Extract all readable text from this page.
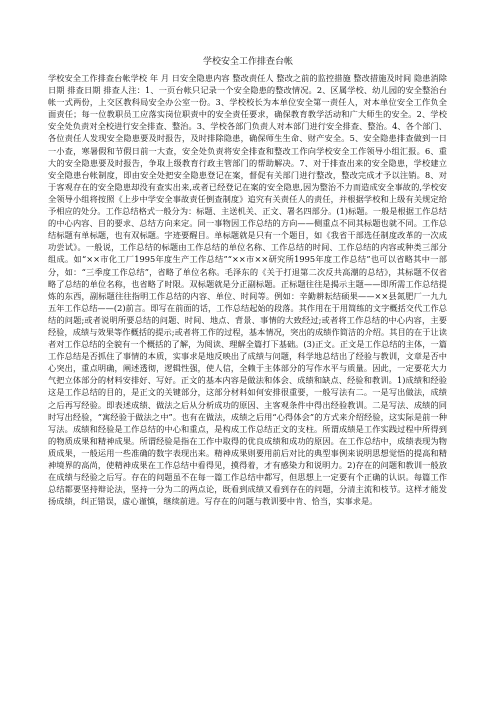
学校安全工作排查台帐

学校安全工作排查台帐学校 年 月 日安全隐患内容 整改责任人 整改之前的监控措施 整改措施及时间 隐患消除日期 排查日期 排查人注：1、一页台帐只记录一个安全隐患的整改情况。2、区属学校、幼儿园的安全整治台帐一式两份，上交区教科局安全办公室一份。3、学校校长为本单位安全第一责任人，对本单位安全工作负全面责任；每一位教职员工应落实岗位职责中的安全责任要求，确保教育教学活动和广大师生的安全。2、学校安全处负责对全校进行安全排查、整治。3、学校各部门负责人对本部门进行安全排查、整治。4、各个部门、各位责任人发现安全隐患要及时报告，及时排除隐患，确保师生生命、财产安全。5、安全隐患排查做到一日一小查，寒暑假和节假日前一大查，安全处负责将安全排查和整改工作向学校安全工作领导小组汇报。6、重大的安全隐患要及时报告，争取上级教育行政主管部门的帮助解决。7、对于排查出来的安全隐患，学校建立安全隐患台帐制度，即由安全处把安全隐患登记在案，督促有关部门进行整改，整改完成才予以注销。8、对于客观存在的安全隐患却没有查实出来,或者已经登记在案的安全隐患,因为整治不力而造成安全事故的,学校安全领导小组将按照《上步中学安全事故责任倒查制度》追究有关责任人的责任，并根据学校和上级有关规定给予相应的处分。工作总结格式一般分为：标题、主送机关、正文、署名四部分。(1)标题。一般是根据工作总结的中心内容、目的要求、总结方向来定。同一事物因工作总结的方向——侧重点不同其标题也就不同。工作总结标题有单标题，也有双标题。字迹要醒目。单标题就是只有一个题目，如《我省干部选任制度改革的一次成功尝试》。一般说，工作总结的标题由工作总结的单位名称、工作总结的时间、工作总结的内容或种类三部分组成。如“××市化工厂1995年度生产工作总结”“××市××研究所1995年度工作总结”也可以省略其中一部分，如：“三季度工作总结”，省略了单位名称。毛泽东的《关于打退第二次反共高潮的总结》，其标题不仅省略了总结的单位名称，也省略了时限。双标题就是分正副标题。正标题往往是揭示主题——即所需工作总结提炼的东西，副标题往往指明工作总结的内容、单位、时间等。例如：辛勤耕耘结硕果——××县氮肥厂一九九五年工作总结——(2)前言。即写在前面的话，工作总结起始的段落。其作用在于用简练的文字概括交代工作总结的问题;或者说明所要总结的问题、时间、地点、背景、事情的大致经过;或者将工作总结的中心内容，主要经验，成绩与效果等作概括的提示;或者将工作的过程，基本情况，突出的成绩作简洁的介绍。其目的在于让读者对工作总结的全貌有一个概括的了解，为阅读、理解全篇打下基础。(3)正文。正文是工作总结的主体，一篇工作总结是否抓住了事情的本质，实事求是地反映出了成绩与问题，科学地总结出了经验与教训，文章是否中心突出，重点明确，阐述透彻，逻辑性强，使人信，全赖于主体部分的写作水平与质量。因此，一定要花大力气把立体部分的材料安排好、写好。正文的基本内容是做法和体会、成绩和缺点、经验和教训。1)成绩和经验这是工作总结的目的，是正文的关键部分，这部分材料如何安排很重要，一般写法有二。一是写出做法，成绩之后再写经验。即表述成绩、做法之后从分析成功的原因、主客观条件中得出经验教训。二是写法、成绩的同时写出经验，“寓经验于做法之中”。也有在做法，成绩之后用“心得体会”的方式来介绍经验，这实际是前一种写法。成绩和经验是工作总结的中心和重点，是构成工作总结正文的支柱。所谓成绩是工作实践过程中所得到的物质成果和精神成果。所谓经验是指在工作中取得的优良成绩和成功的原因。在工作总结中，成绩表现为物质成果，一般运用一些准确的数字表现出来。精神成果则要用前后对比的典型事例来说明思想觉悟的提高和精神境界的高尚，使精神成果在工作总结中看得见，摸得着，才有感染力和说明力。2)存在的问题和教训一般放在成绩与经验之后写。存在的问题虽不在每一篇工作总结中都写，但思想上一定要有个正确的认识。每篇工作总结都要坚持辩论法，坚持一分为二的两点论，既看到成绩又看到存在的问题，分清主流和枝节。这样才能发扬成绩，纠正错误，虚心谨慎，继续前进。写存在的问题与教训要中肯、恰当，实事求是。
